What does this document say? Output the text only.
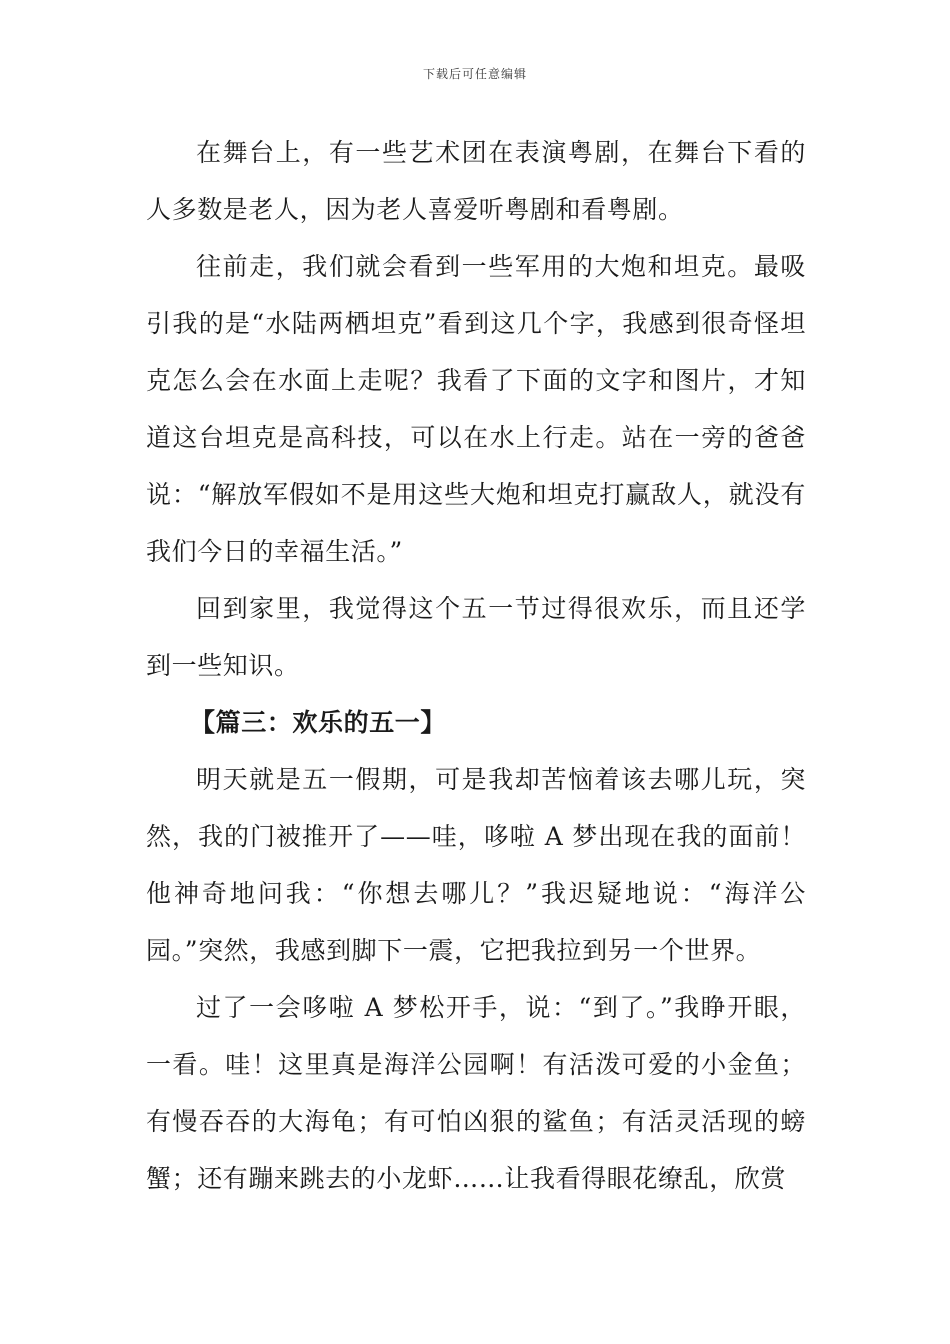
下载后可任意编辑

在舞台上，有一些艺术团在表演粤剧，在舞台下看的人多数是老人，因为老人喜爱听粤剧和看粤剧。

往前走，我们就会看到一些军用的大炮和坦克。最吸引我的是“水陆两栖坦克”看到这几个字，我感到很奇怪坦克怎么会在水面上走呢？我看了下面的文字和图片，才知道这台坦克是高科技，可以在水上行走。站在一旁的爸爸说：“解放军假如不是用这些大炮和坦克打赢敌人，就没有我们今日的幸福生活。”

回到家里，我觉得这个五一节过得很欢乐，而且还学到一些知识。

【篇三：欢乐的五一】

明天就是五一假期，可是我却苦恼着该去哪儿玩，突然，我的门被推开了——哇，哆啦 A 梦出现在我的面前！他神奇地问我：“你想去哪儿？”我迟疑地说：“海洋公园。”突然，我感到脚下一震，它把我拉到另一个世界。

过了一会哆啦 A 梦松开手，说：“到了。”我睁开眼，一看。哇！这里真是海洋公园啊！有活泼可爱的小金鱼；有慢吞吞的大海龟；有可怕凶狠的鲨鱼；有活灵活现的螃蟹；还有蹦来跳去的小龙虾……让我看得眼花缭乱，欣赏
